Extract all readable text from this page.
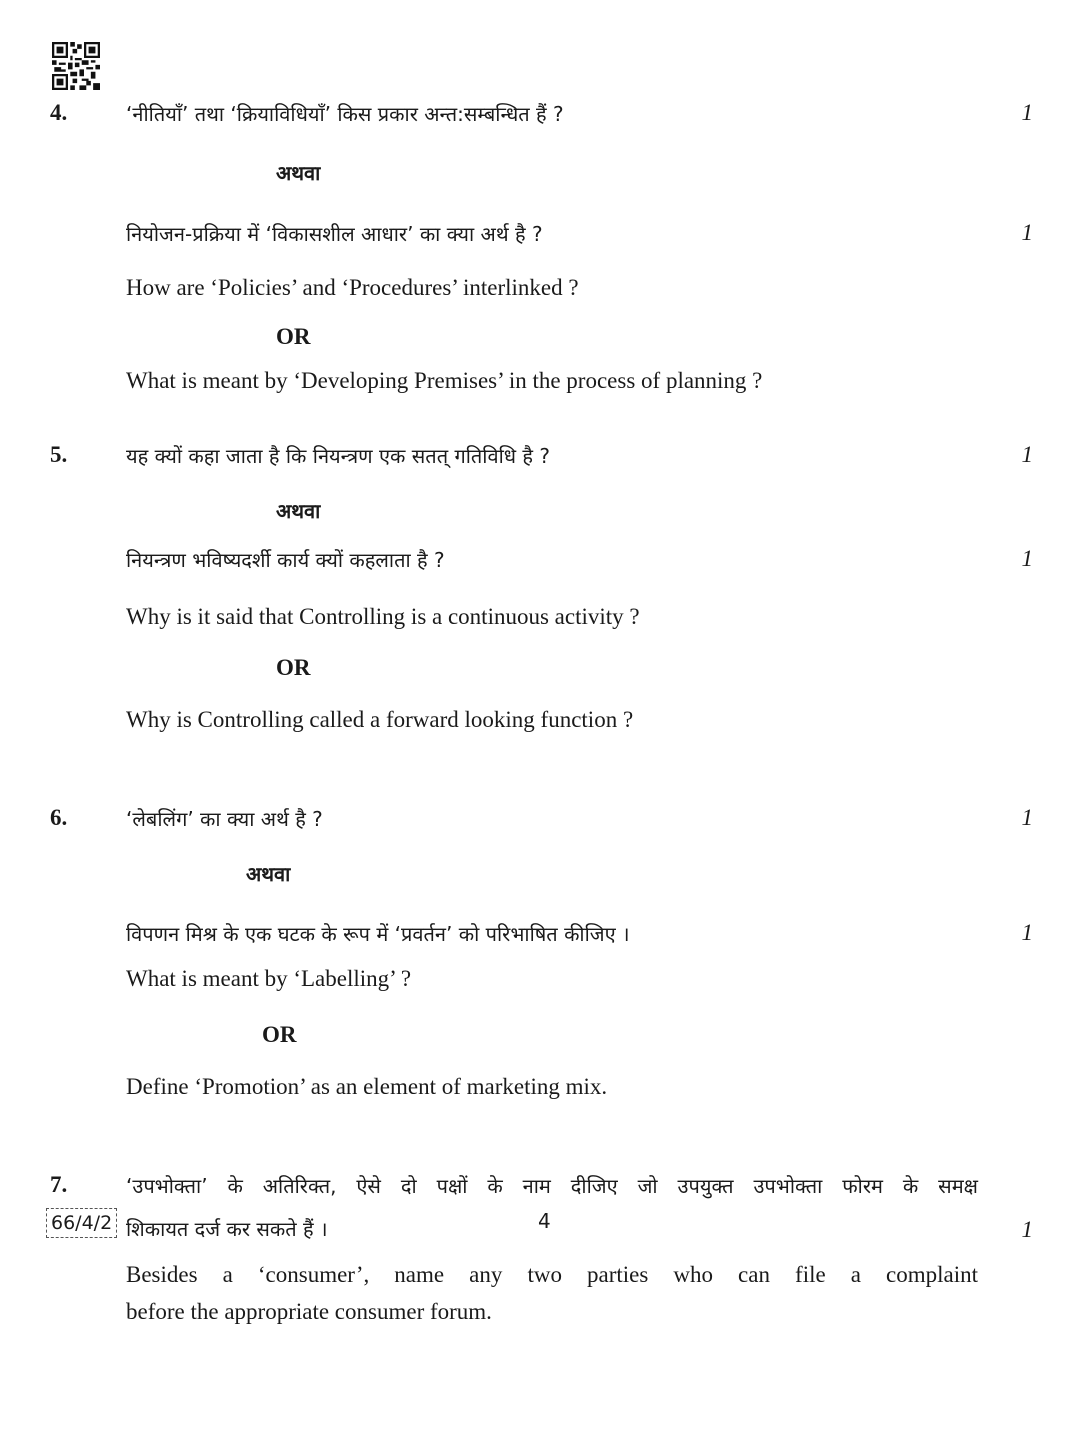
4.	‘नीतियाँ’ तथा ‘क्रियाविधियाँ’ किस प्रकार अन्त:सम्बन्धित हैं ?	1
अथवा
नियोजन-प्रक्रिया में ‘विकासशील आधार’ का क्या अर्थ है ?	1
How are ‘Policies’ and ‘Procedures’ interlinked ?
OR
What is meant by ‘Developing Premises’ in the process of planning ?
5.	यह क्यों कहा जाता है कि नियन्त्रण एक सतत् गतिविधि है ?	1
अथवा
नियन्त्रण भविष्यदर्शी कार्य क्यों कहलाता है ?	1
Why is it said that Controlling is a continuous activity ?
OR
Why is Controlling called a forward looking function ?
6.	‘लेबलिंग’ का क्या अर्थ है ?	1
अथवा
विपणन मिश्र के एक घटक के रूप में ‘प्रवर्तन’ को परिभाषित कीजिए ।	1
What is meant by ‘Labelling’ ?
OR
Define ‘Promotion’ as an element of marketing mix.
7.	‘उपभोक्ता’ के अतिरिक्त, ऐसे दो पक्षों के नाम दीजिए जो उपयुक्त उपभोक्ता फोरम के समक्ष
शिकायत दर्ज कर सकते हैं ।	1
Besides a ‘consumer’, name any two parties who can file a complaint
before the appropriate consumer forum.
66/4/2	4
